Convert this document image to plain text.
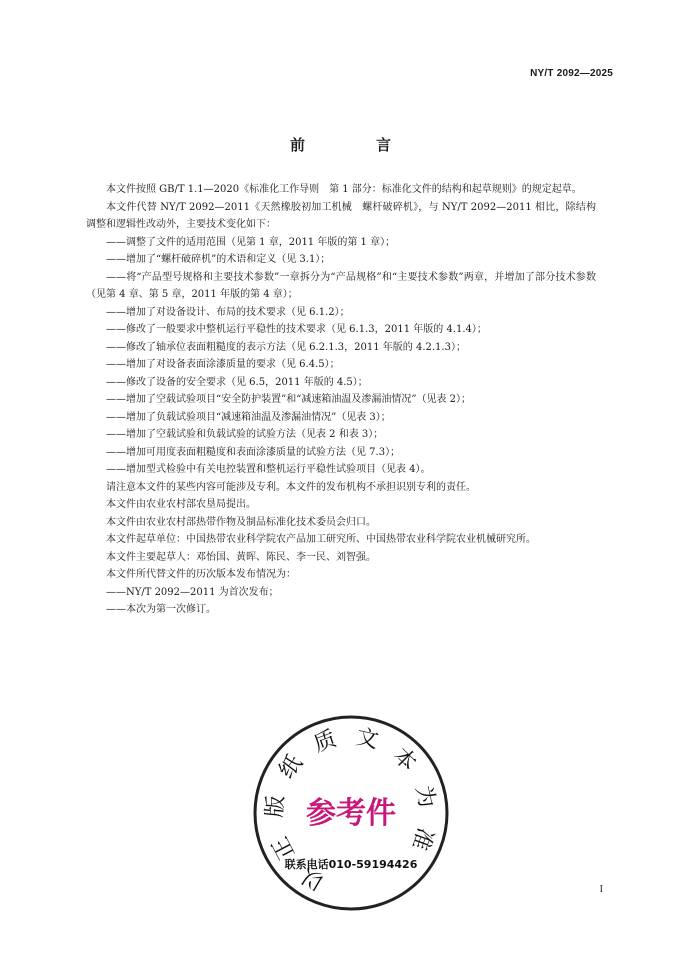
NY/T 2092—2025
前　言

本文件按照 GB/T 1.1—2020《标准化工作导则　第 1 部分：标准化文件的结构和起草规则》的规定起草。

本文件代替 NY/T 2092—2011《天然橡胶初加工机械　螺杆破碎机》，与 NY/T 2092—2011 相比，除结构调整和逻辑性改动外，主要技术变化如下：

——调整了文件的适用范围（见第 1 章，2011 年版的第 1 章）；

——增加了“螺杆破碎机”的术语和定义（见 3.1）；

——将“产品型号规格和主要技术参数”一章拆分为“产品规格”和“主要技术参数”两章，并增加了部分技术参数（见第 4 章、第 5 章，2011 年版的第 4 章）；

——增加了对设备设计、布局的技术要求（见 6.1.2）；

——修改了一般要求中整机运行平稳性的技术要求（见 6.1.3，2011 年版的 4.1.4）；

——修改了轴承位表面粗糙度的表示方法（见 6.2.1.3，2011 年版的 4.2.1.3）；

——增加了对设备表面涂漆质量的要求（见 6.4.5）；

——修改了设备的安全要求（见 6.5，2011 年版的 4.5）；

——增加了空载试验项目“安全防护装置”和“减速箱油温及渗漏油情况”（见表 2）；

——增加了负载试验项目“减速箱油温及渗漏油情况”（见表 3）；

——增加了空载试验和负载试验的试验方法（见表 2 和表 3）；

——增加可用度表面粗糙度和表面涂漆质量的试验方法（见 7.3）；

——增加型式检验中有关电控装置和整机运行平稳性试验项目（见表 4）。

请注意本文件的某些内容可能涉及专利。本文件的发布机构不承担识别专利的责任。

本文件由农业农村部农垦局提出。

本文件由农业农村部热带作物及制品标准化技术委员会归口。

本文件起草单位：中国热带农业科学院农产品加工研究所、中国热带农业科学院农业机械研究所。

本文件主要起草人：邓怡国、黄晖、陈民、李一民、刘智强。

本文件所代替文件的历次版本发布情况为：

——NY/T 2092—2011 为首次发布；

——本次为第一次修订。

以
正
版
纸
质 文
本
为
准
参考件
联系电话010-59194426
I
